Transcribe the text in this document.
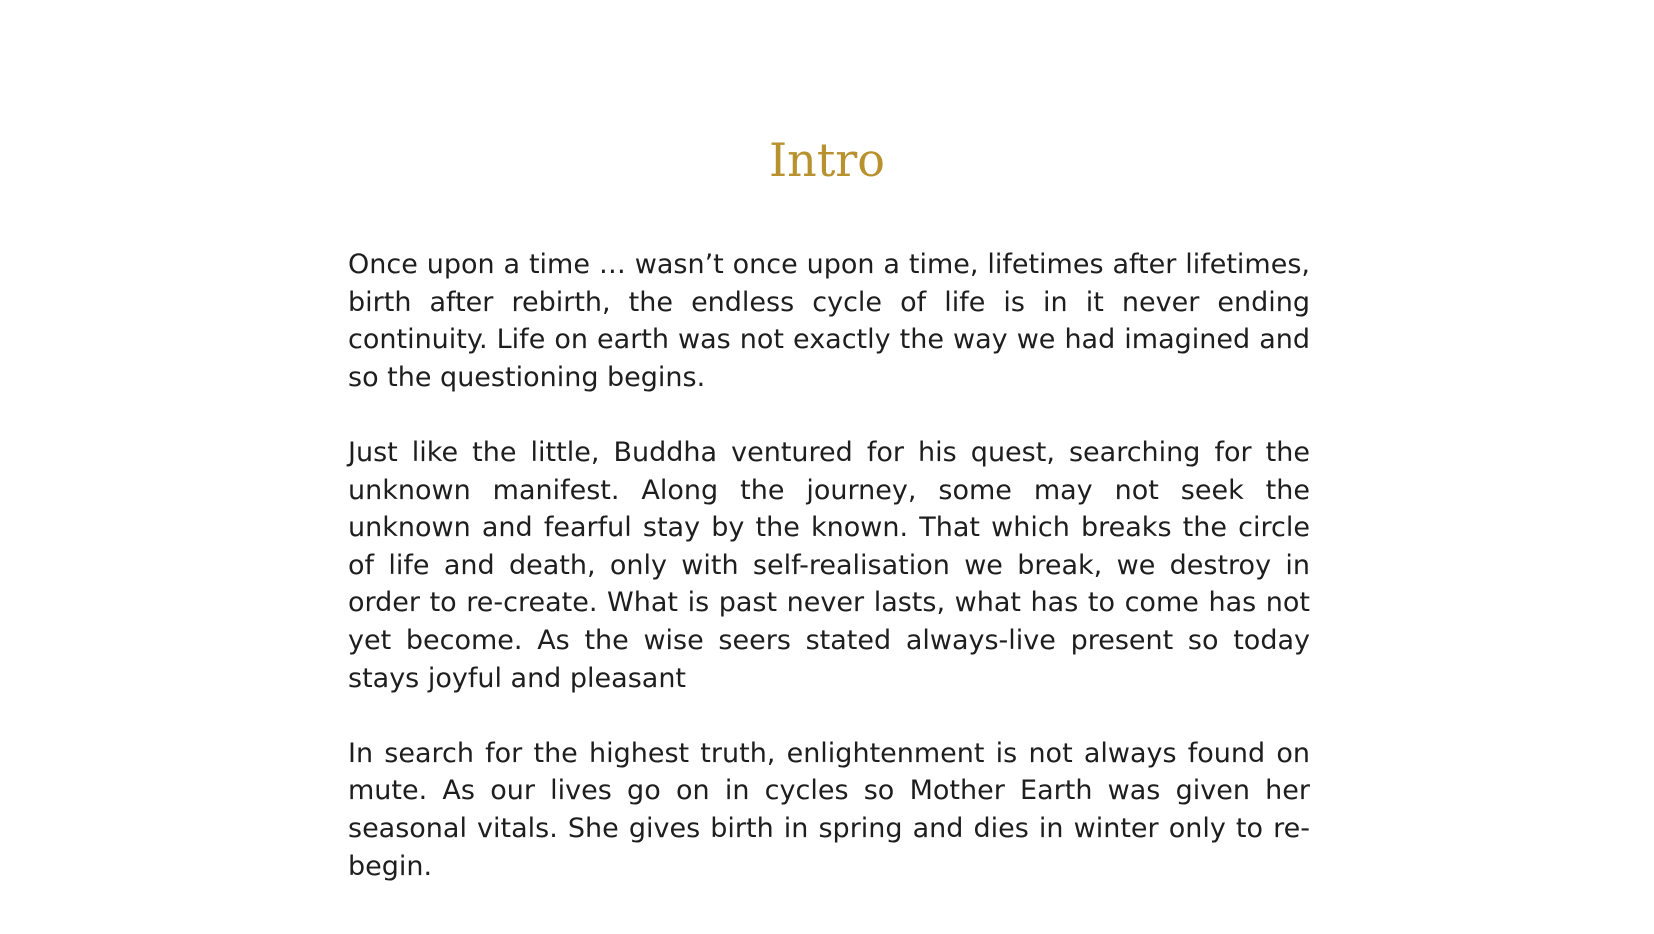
Intro

Once upon a time … wasn’t once upon a time, lifetimes after lifetimes, birth after rebirth, the endless cycle of life is in it never ending continuity. Life on earth was not exactly the way we had imagined and so the questioning begins.

Just like the little, Buddha ventured for his quest, searching for the unknown manifest. Along the journey, some may not seek the unknown and fearful stay by the known. That which breaks the circle of life and death, only with self-realisation we break, we destroy in order to re-create. What is past never lasts, what has to come has not yet become. As the wise seers stated always-live present so today stays joyful and pleasant

In search for the highest truth, enlightenment is not always found on mute. As our lives go on in cycles so Mother Earth was given her seasonal vitals. She gives birth in spring and dies in winter only to re-begin.
